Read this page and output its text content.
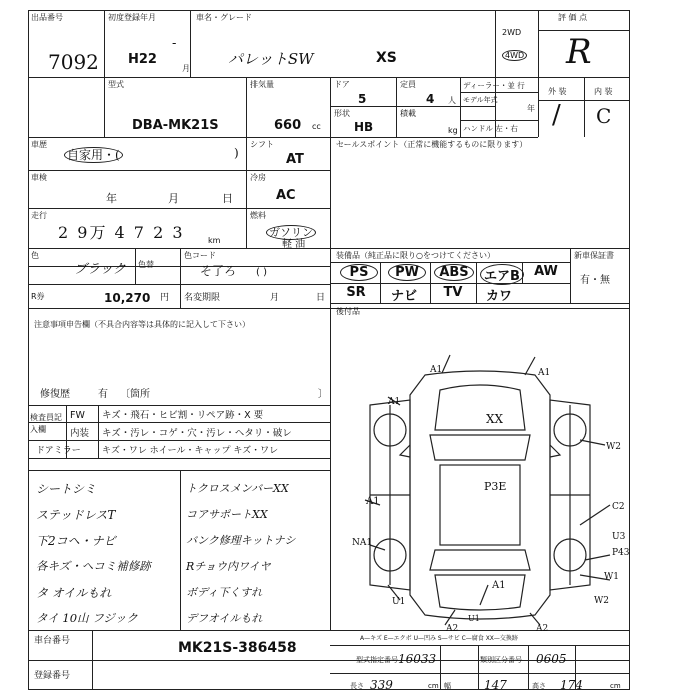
出品番号
7092
初度登録年月
H22
-
月
車名・グレード
パレットSW	XS
2WD
4WD
評 価 点
R
外 装	内 装
/ C
型式
DBA-MK21S
排気量
660 cc
ドア
5
定員
4 人
形状
HB
積載
kg
ディーラー・並 行
モデル年式
年
ハンドル 左・右
車歴
自家用・(	)
シフト
AT
セールスポイント（正常に機能するものに限ります）
車検
年	月	日
冷房
AC
走行
2 9万 4 7 2 3	km
燃料
ガソリン
軽 油
色
ブラック 色替
色コード
そ了ろ ( )
R券	10,270 円 名変期限	月	日
装備品（純正品に限り○をつけてください）	新車保証書
有・無
PS	PW	ABS	エアB	AW
SR	ナビ	TV	カワ
後付品
注意事項申告欄（不具合内容等は具体的に記入して下さい）
修復歴	有 〔箇所	〕
検査員記入欄
FW キズ・飛石・ヒビ割・リペア跡・X 要
内装 キズ・汚レ・コゲ・穴・汚レ・ヘタリ・破レ
ドアミラー キズ・ワレ ホイール・キャップ キズ・ワレ
シートシミ
ステッドレスT
下2コヘ・ナビ
各キズ・ヘコミ補修跡
タ オイルもれ
タイ 10山 フジック
トクロスメンバーXX
コアサポートXX
バンク修理キットナシ
Rチョウ内ワイヤ
ボディ下くすれ
デフオイルもれ
A1	A1
A1
W2
XX
P3E
A1	C2
NA1
U1
U3
P43
A1
W1
W2
A2	A2
U1
A—キズ E—エクボ U—凹み S—サビ C—腐食 XX—交換跡
車台番号	MK21S-386458
登録番号
型式指定番号 16033	類別区分番号 0605
長さ 339	cm 幅	147	高さ 174	cm
